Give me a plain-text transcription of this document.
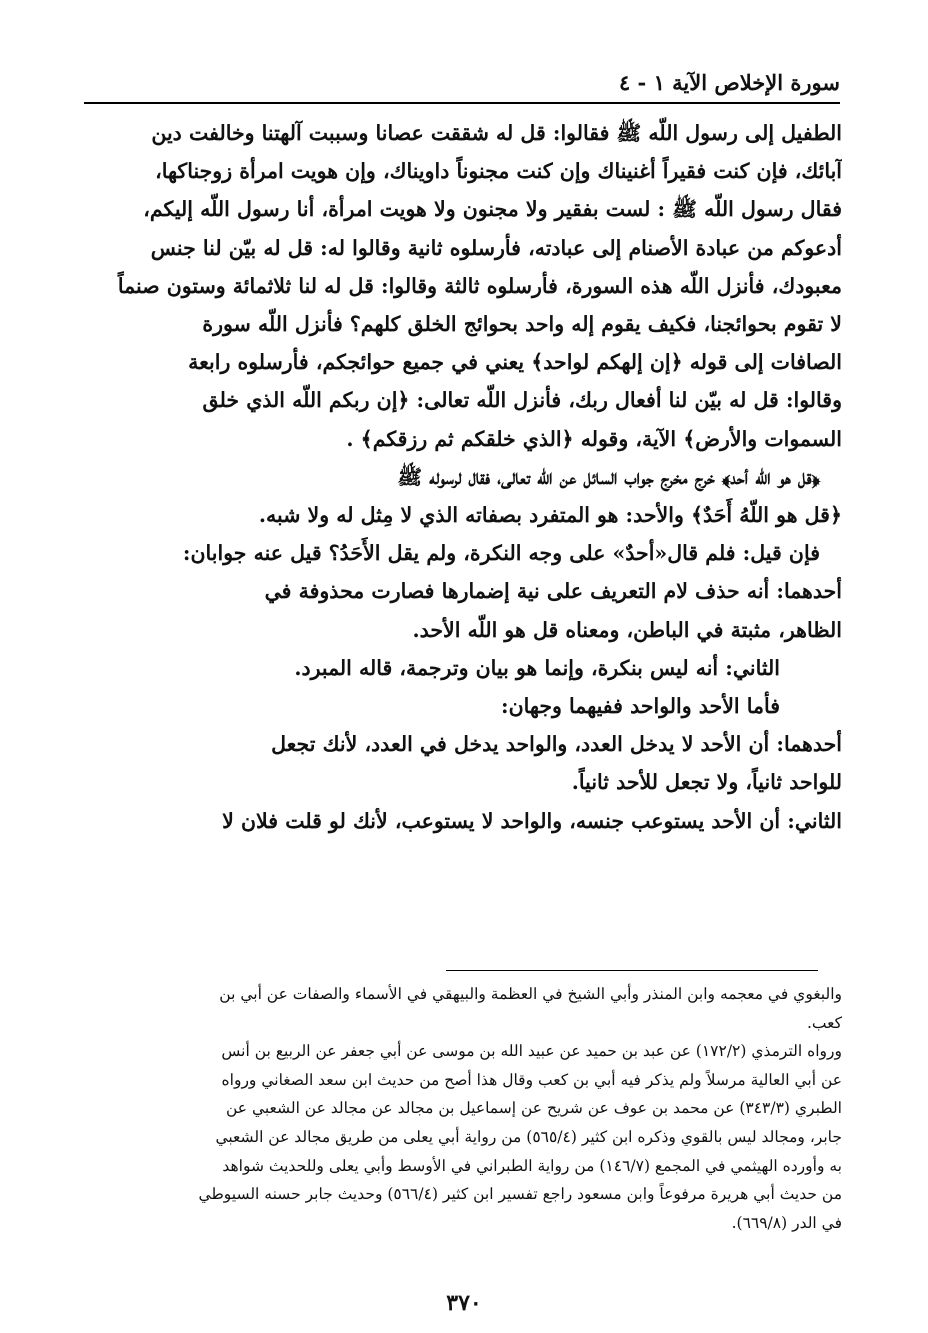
سورة الإخلاص الآية ١ - ٤

الطفيل إلى رسول اللّه ﷺ فقالوا: قل له شققت عصانا وسببت آلهتنا وخالفت دين

آبائك، فإن كنت فقيراً أغنيناك وإن كنت مجنوناً داويناك، وإن هويت امرأة زوجناكها،

فقال رسول اللّه ﷺ : لست بفقير ولا مجنون ولا هويت امرأة، أنا رسول اللّه إليكم،

أدعوكم من عبادة الأصنام إلى عبادته، فأرسلوه ثانية وقالوا له: قل له بيّن لنا جنس

معبودك، فأنزل اللّه هذه السورة، فأرسلوه ثالثة وقالوا: قل له لنا ثلاثمائة وستون صنماً

لا تقوم بحوائجنا، فكيف يقوم إله واحد بحوائج الخلق كلهم؟ فأنزل اللّه سورة

الصافات إلى قوله ﴿إن إلهكم لواحد﴾ يعني في جميع حوائجكم، فأرسلوه رابعة

وقالوا: قل له بيّن لنا أفعال ربك، فأنزل اللّه تعالى: ﴿إن ربكم اللّه الذي خلق

السموات والأرض﴾ الآية، وقوله ﴿الذي خلقكم ثم رزقكم﴾ .

﴿قل هو اللّه أحد﴾ خرج مخرج جواب السائل عن اللّه تعالى، فقال لرسوله ﷺ

﴿قل هو اللّهُ أَحَدٌ﴾ والأحد: هو المتفرد بصفاته الذي لا مِثل له ولا شبه.

فإن قيل: فلم قال«أحدٌ» على وجه النكرة، ولم يقل الأَحَدُ؟ قيل عنه جوابان:

أحدهما: أنه حذف لام التعريف على نية إضمارها فصارت محذوفة في

الظاهر، مثبتة في الباطن، ومعناه قل هو اللّه الأحد.

الثاني: أنه ليس بنكرة، وإنما هو بيان وترجمة، قاله المبرد.

فأما الأحد والواحد ففيهما وجهان:

أحدهما: أن الأحد لا يدخل العدد، والواحد يدخل في العدد، لأنك تجعل

للواحد ثانياً، ولا تجعل للأحد ثانياً.

الثاني: أن الأحد يستوعب جنسه، والواحد لا يستوعب، لأنك لو قلت فلان لا

والبغوي في معجمه وابن المنذر وأبي الشيخ في العظمة والبيهقي في الأسماء والصفات عن أبي بن

كعب.

ورواه الترمذي (١٧٢/٢) عن عبد بن حميد عن عبيد الله بن موسى عن أبي جعفر عن الربيع بن أنس

عن أبي العالية مرسلاً ولم يذكر فيه أبي بن كعب وقال هذا أصح من حديث ابن سعد الصغاني ورواه

الطبري (٣٤٣/٣) عن محمد بن عوف عن شريح عن إسماعيل بن مجالد عن مجالد عن الشعبي عن

جابر، ومجالد ليس بالقوي وذكره ابن كثير (٥٦٥/٤) من رواية أبي يعلى من طريق مجالد عن الشعبي

به وأورده الهيثمي في المجمع (١٤٦/٧) من رواية الطبراني في الأوسط وأبي يعلى وللحديث شواهد

من حديث أبي هريرة مرفوعاً وابن مسعود راجع تفسير ابن كثير (٥٦٦/٤) وحديث جابر حسنه السيوطي

في الدر (٦٦٩/٨).

٣٧٠
